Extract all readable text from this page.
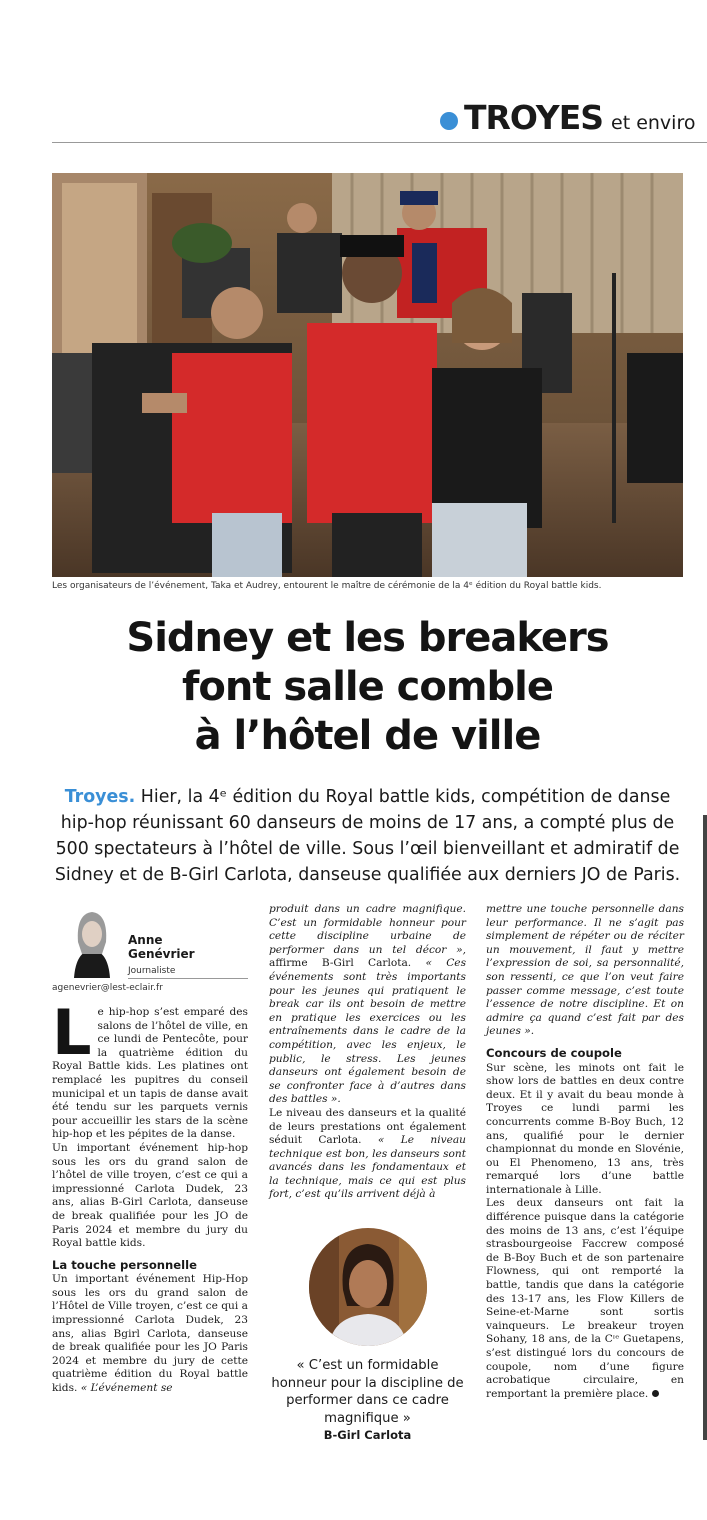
TROYES et enviro
Les organisateurs de l’événement, Taka et Audrey, entourent le maître de cérémonie de la 4ᵉ édition du Royal battle kids.
Sidney et les breakers
font salle comble
à l’hôtel de ville
Troyes. Hier, la 4ᵉ édition du Royal battle kids, compétition de danse hip-hop réunissant 60 danseurs de moins de 17 ans, a compté plus de 500 spectateurs à l’hôtel de ville. Sous l’œil bienveillant et admiratif de Sidney et de B-Girl Carlota, danseuse qualifiée aux derniers JO de Paris.
Anne
Genévrier
Journaliste
agenevrier@lest-eclair.fr

Le hip-hop s’est emparé des salons de l’hôtel de ville, en ce lundi de Pentecôte, pour la quatrième édition du Royal Battle kids. Les platines ont remplacé les pupitres du conseil municipal et un tapis de danse avait été tendu sur les parquets vernis pour accueillir les stars de la scène hip-hop et les pépites de la danse.

Un important événement hip-hop sous les ors du grand salon de l’hôtel de ville troyen, c’est ce qui a impressionné Carlota Dudek, 23 ans, alias B-Girl Carlota, danseuse de break qualifiée pour les JO de Paris 2024 et membre du jury du Royal battle kids.

La touche personnelle

Un important événement Hip-Hop sous les ors du grand salon de l’Hôtel de Ville troyen, c’est ce qui a impressionné Carlota Dudek, 23 ans, alias Bgirl Carlota, danseuse de break qualifiée pour les JO Paris 2024 et membre du jury de cette quatrième édition du Royal battle kids. « L’événement se

produit dans un cadre magnifique. C’est un formidable honneur pour cette discipline urbaine de performer dans un tel décor », affirme B-Girl Carlota. « Ces événements sont très importants pour les jeunes qui pratiquent le break car ils ont besoin de mettre en pratique les exercices ou les entraînements dans le cadre de la compétition, avec les enjeux, le public, le stress. Les jeunes danseurs ont également besoin de se confronter face à d’autres dans des battles ».

Le niveau des danseurs et la qualité de leurs prestations ont également séduit Carlota. « Le niveau technique est bon, les danseurs sont avancés dans les fondamentaux et la technique, mais ce qui est plus fort, c’est qu’ils arrivent déjà à

« C’est un formidable honneur pour la discipline de performer dans ce cadre magnifique »
B-Girl Carlota

mettre une touche personnelle dans leur performance. Il ne s’agit pas simplement de répéter ou de réciter un mouvement, il faut y mettre l’expression de soi, sa personnalité, son ressenti, ce que l’on veut faire passer comme message, c’est toute l’essence de notre discipline. Et on admire ça quand c’est fait par des jeunes ».

Concours de coupole

Sur scène, les minots ont fait le show lors de battles en deux contre deux. Et il y avait du beau monde à Troyes ce lundi parmi les concurrents comme B-Boy Buch, 12 ans, qualifié pour le dernier championnat du monde en Slovénie, ou El Phenomeno, 13 ans, très remarqué lors d’une battle internationale à Lille.

Les deux danseurs ont fait la différence puisque dans la catégorie des moins de 13 ans, c’est l’équipe strasbourgeoise Faccrew composé de B-Boy Buch et de son partenaire Flowness, qui ont remporté la battle, tandis que dans la catégorie des 13-17 ans, les Flow Killers de Seine-et-Marne sont sortis vainqueurs. Le breakeur troyen Sohany, 18 ans, de la Cᶦᵉ Guetapens, s’est distingué lors du concours de coupole, nom d’une figure acrobatique circulaire, en remportant la première place.
